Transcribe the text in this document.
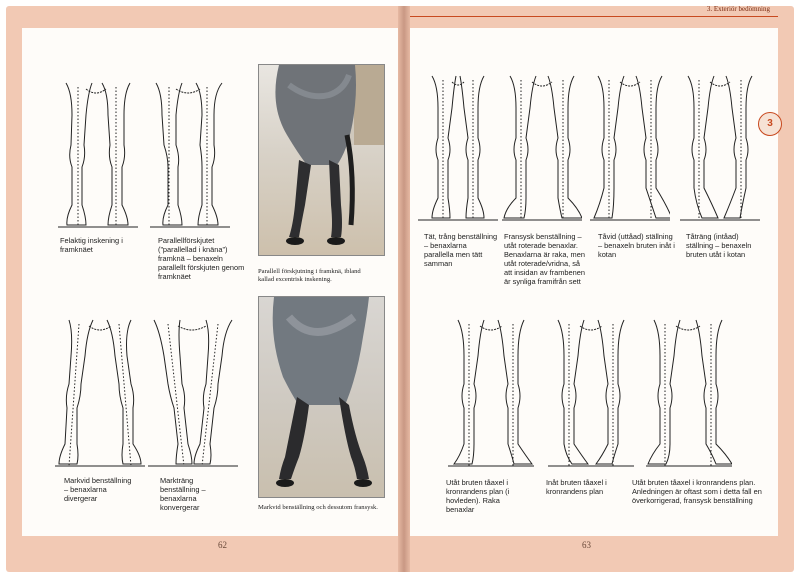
3. Exteriör bedömning
3
Parallell förskjutning i framknä, ibland kallad excentrisk inskening.
Felaktig inskening i framknäet
Parallellförskjutet (”parallellad i knäna”) framknä – benaxeln parallellt förskjuten genom framknäet
Markvid benställning och dessutom fransysk.
Markvid benställning – benaxlarna divergerar
Markträng benställning – benaxlarna konvergerar
62
Tät, trång benställning – benaxlarna parallella men tätt samman
Fransysk benställning – utåt roterade benaxlar. Benaxlarna är raka, men utåt roterade/vridna, så att insidan av frambenen är synliga framifrån sett
Tåvid (uttåad) ställning – benaxeln bruten inåt i kotan
Tåträng (intåad) ställning – benaxeln bruten utåt i kotan
Utåt bruten tåaxel i kronrandens plan (i hovleden). Raka benaxlar
Inåt bruten tåaxel i kronrandens plan
Utåt bruten tåaxel i kronrandens plan. Anledningen är oftast som i detta fall en överkorrigerad, fransysk benställning
63
